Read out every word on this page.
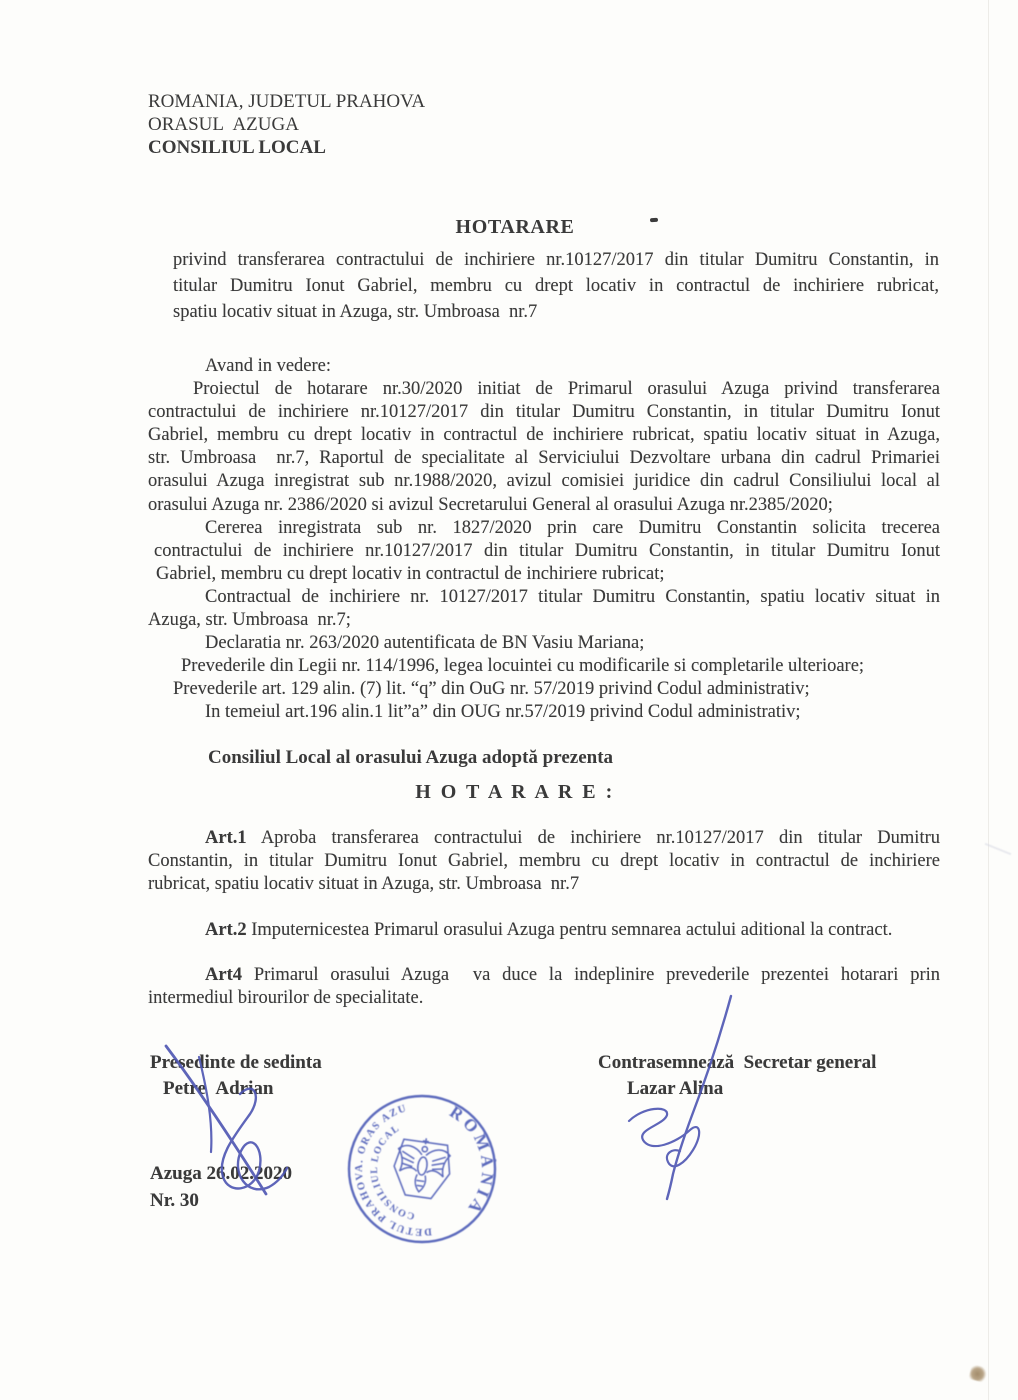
ROMANIA, JUDETUL PRAHOVA
ORASUL  AZUGA
CONSILIUL LOCAL
HOTARARE
privind transferarea contractului de inchiriere nr.10127/2017 din titular Dumitru Constantin, in
titular Dumitru Ionut Gabriel, membru cu drept locativ in contractul de inchiriere rubricat,
spatiu locativ situat in Azuga, str. Umbroasa  nr.7
Avand in vedere:
Proiectul de hotarare nr.30/2020 initiat de Primarul orasului Azuga privind transferarea
contractului de inchiriere nr.10127/2017 din titular Dumitru Constantin, in titular Dumitru Ionut
Gabriel, membru cu drept locativ in contractul de inchiriere rubricat, spatiu locativ situat in Azuga,
str. Umbroasa  nr.7, Raportul de specialitate al Serviciului Dezvoltare urbana din cadrul Primariei
orasului Azuga inregistrat sub nr.1988/2020, avizul comisiei juridice din cadrul Consiliului local al
orasului Azuga nr. 2386/2020 si avizul Secretarului General al orasului Azuga nr.2385/2020;
Cererea inregistrata sub nr. 1827/2020 prin care Dumitru Constantin solicita trecerea
contractului de inchiriere nr.10127/2017 din titular Dumitru Constantin, in titular Dumitru Ionut
Gabriel, membru cu drept locativ in contractul de inchiriere rubricat;
Contractual de inchiriere nr. 10127/2017 titular Dumitru Constantin, spatiu locativ situat in
Azuga, str. Umbroasa  nr.7;
Declaratia nr. 263/2020 autentificata de BN Vasiu Mariana;
Prevederile din Legii nr. 114/1996, legea locuintei cu modificarile si completarile ulterioare;
Prevederile art. 129 alin. (7) lit. “q” din OuG nr. 57/2019 privind Codul administrativ;
In temeiul art.196 alin.1 lit”a” din OUG nr.57/2019 privind Codul administrativ;
Consiliul Local al orasului Azuga adoptă prezenta
H O T A R A R E :
Art.1 Aproba transferarea contractului de inchiriere nr.10127/2017 din titular Dumitru
Constantin, in titular Dumitru Ionut Gabriel, membru cu drept locativ in contractul de inchiriere
rubricat, spatiu locativ situat in Azuga, str. Umbroasa  nr.7
Art.2 Imputernicestea Primarul orasului Azuga pentru semnarea actului aditional la contract.
Art4 Primarul orasului Azuga  va duce la indeplinire prevederile prezentei hotarari prin
intermediul birourilor de specialitate.
Presedinte de sedinta
Petre  Adrian
Contrasemnează  Secretar general
Lazar Alina
Azuga 26.02.2020
Nr. 30
ROMÂNIA
JUDETUL PRAHOVA. ORAS AZUGA
CONSILIUL LOCAL
